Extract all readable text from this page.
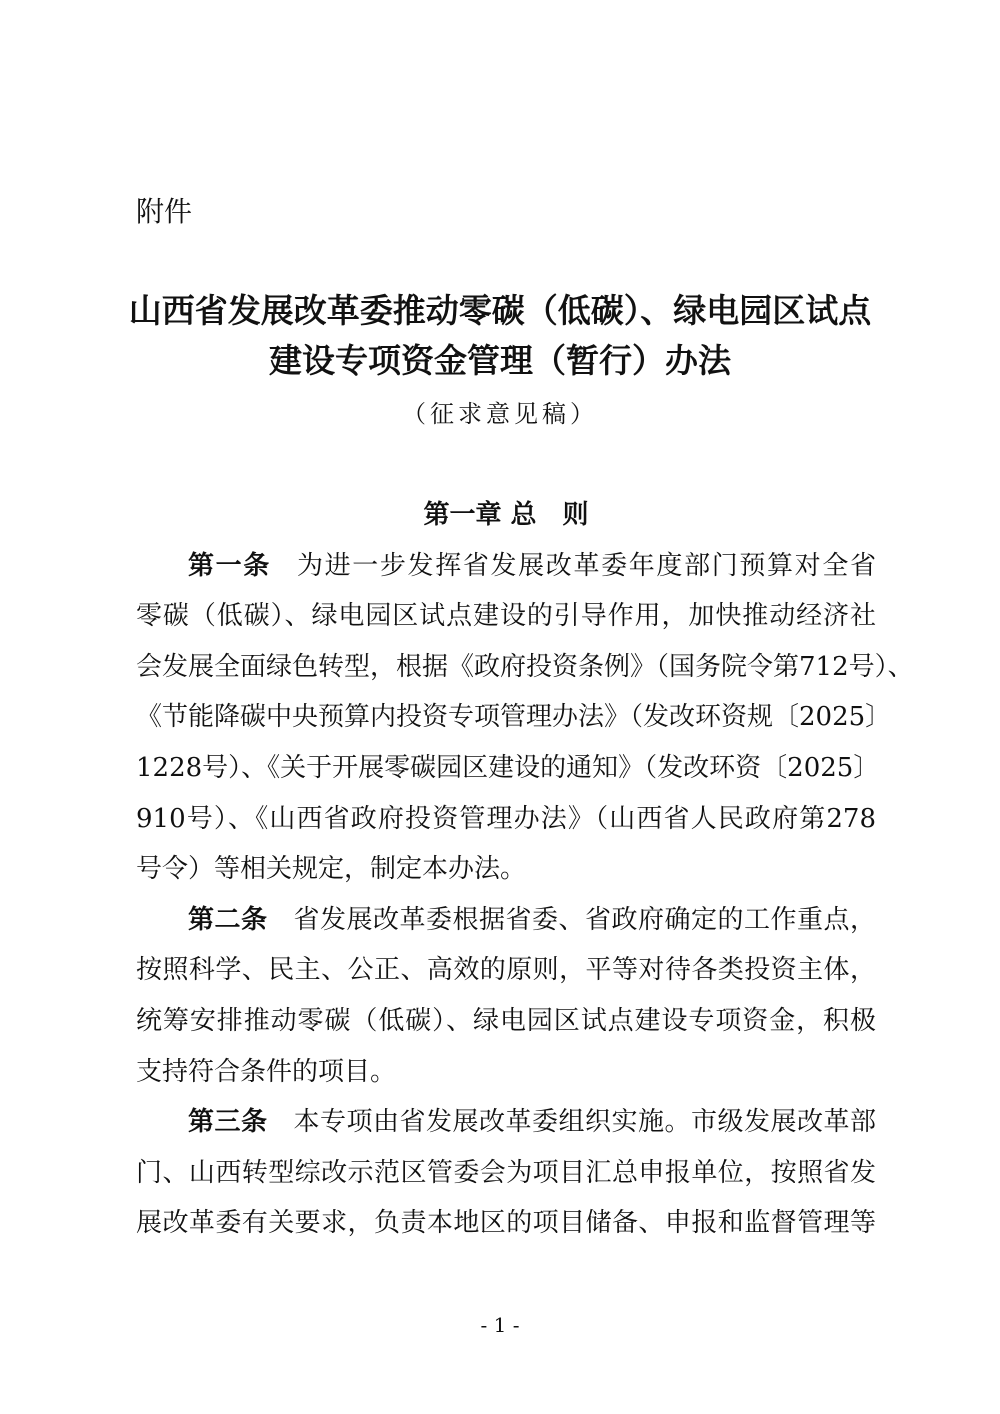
附件
山西省发展改革委推动零碳（低碳）、绿电园区试点
建设专项资金管理（暂行）办法
（征求意见稿）
第一章 总　则
第一条 为进一步发挥省发展改革委年度部门预算对全省
零碳（低碳）、绿电园区试点建设的引导作用，加快推动经济社
会发展全面绿色转型，根据《政府投资条例》（国务院令第712号）、
《节能降碳中央预算内投资专项管理办法》（发改环资规〔2025〕
1228号）、《关于开展零碳园区建设的通知》（发改环资〔2025〕
910号）、《山西省政府投资管理办法》（山西省人民政府第278
号令）等相关规定，制定本办法。
第二条 省发展改革委根据省委、省政府确定的工作重点，
按照科学、民主、公正、高效的原则，平等对待各类投资主体，
统筹安排推动零碳（低碳）、绿电园区试点建设专项资金，积极
支持符合条件的项目。
第三条 本专项由省发展改革委组织实施。市级发展改革部
门、山西转型综改示范区管委会为项目汇总申报单位，按照省发
展改革委有关要求，负责本地区的项目储备、申报和监督管理等
- 1 -
